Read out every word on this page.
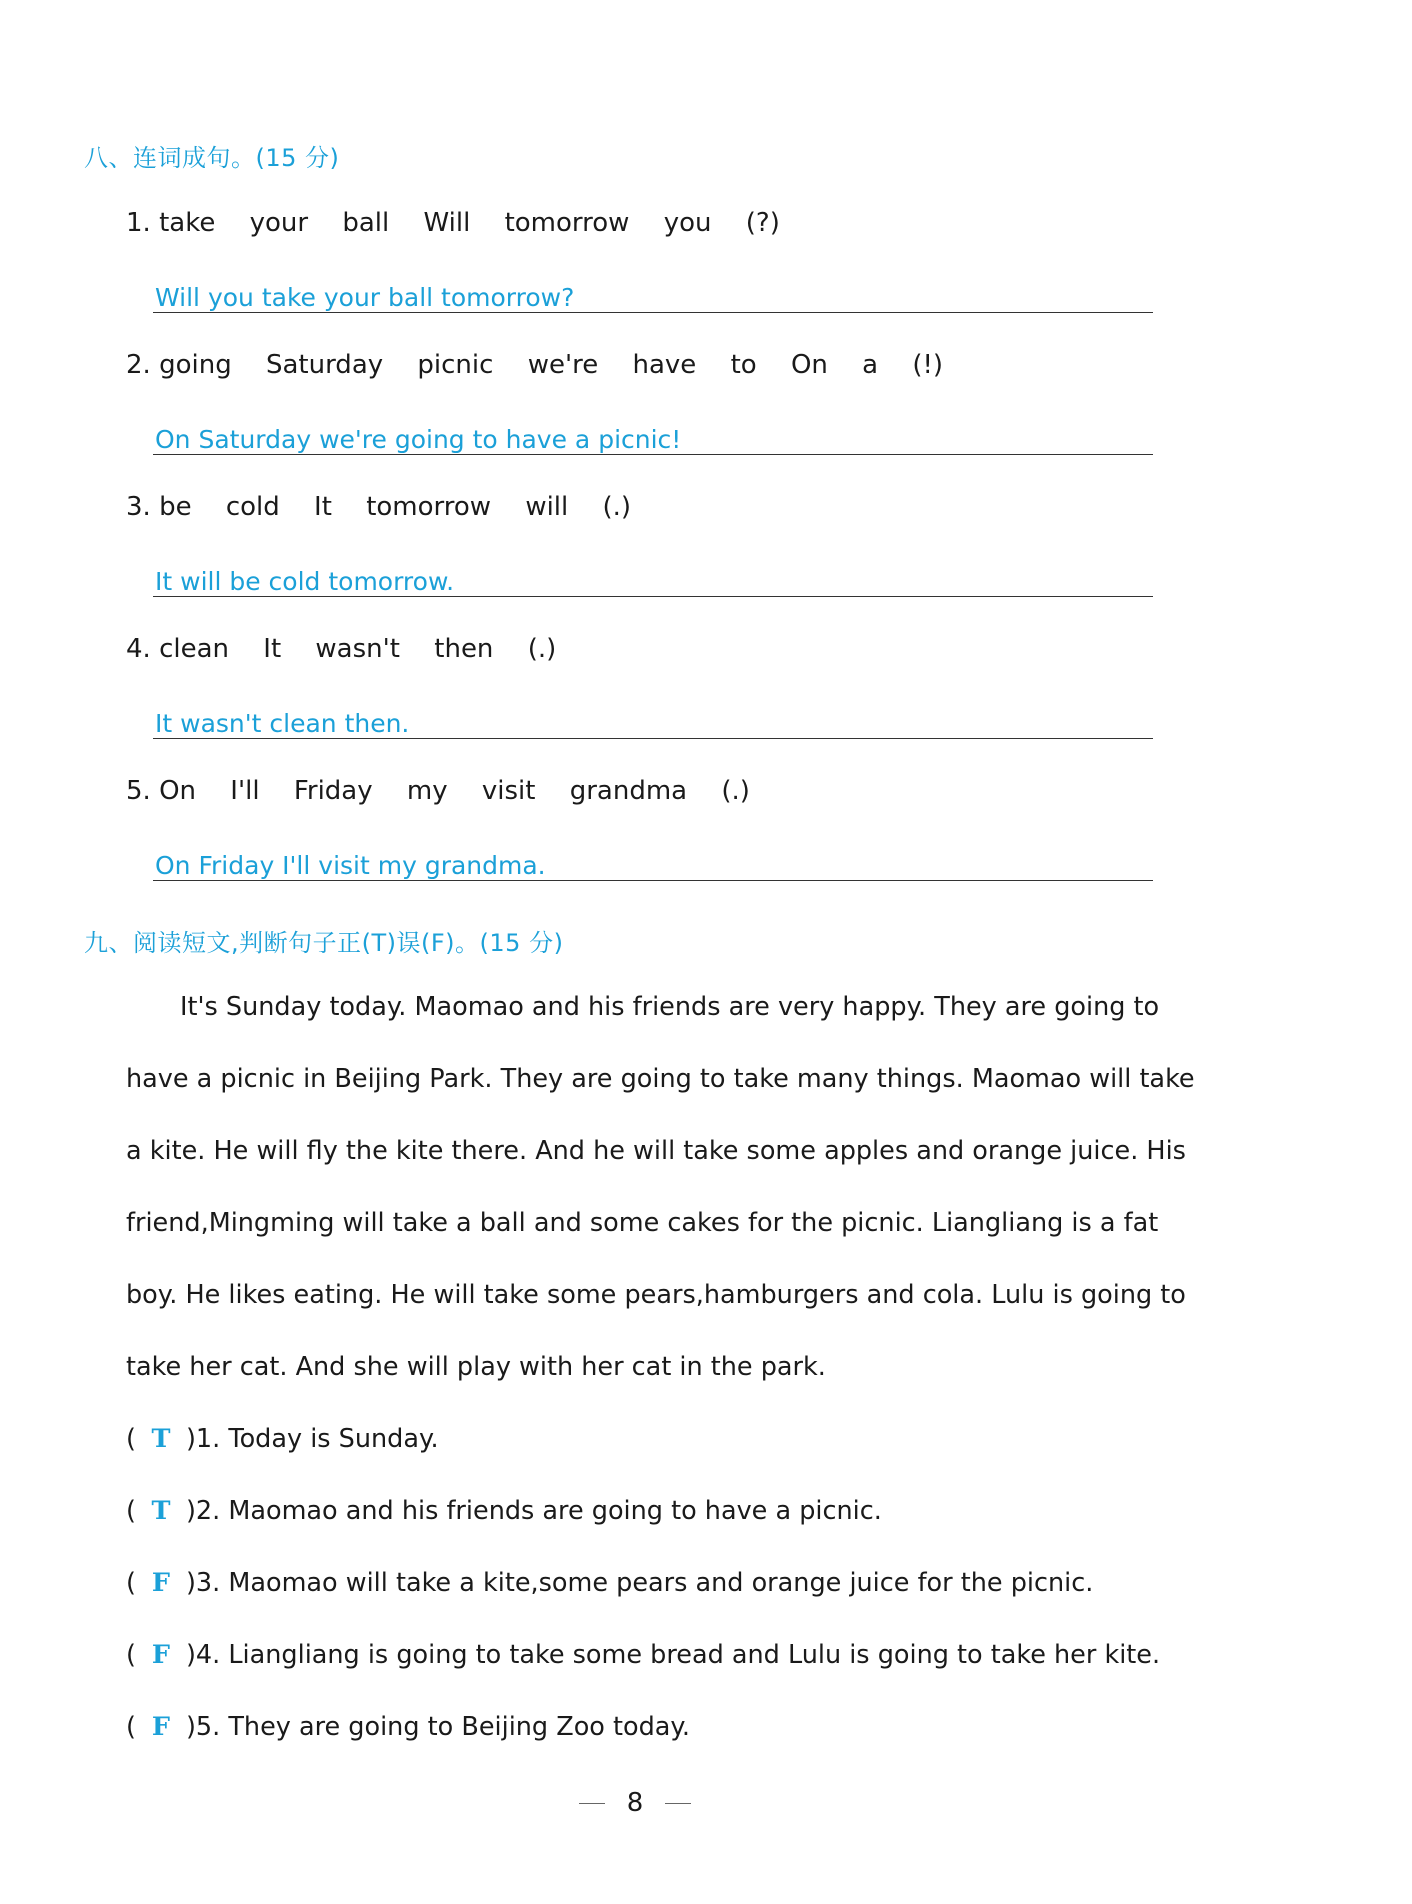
八、连词成句。(15 分)
1. take your ball Will tomorrow you (?)
Will you take your ball tomorrow?
2. going Saturday picnic we're have to On a (!)
On Saturday we're going to have a picnic!
3. be cold It tomorrow will (.)
It will be cold tomorrow.
4. clean It wasn't then (.)
It wasn't clean then.
5. On I'll Friday my visit grandma (.)
On Friday I'll visit my grandma.
九、阅读短文,判断句子正(T)误(F)。(15 分)
It's Sunday today. Maomao and his friends are very happy. They are going to
have a picnic in Beijing Park. They are going to take many things. Maomao will take
a kite. He will fly the kite there. And he will take some apples and orange juice. His
friend,Mingming will take a ball and some cakes for the picnic. Liangliang is a fat
boy. He likes eating. He will take some pears,hamburgers and cola. Lulu is going to
take her cat. And she will play with her cat in the park.
( T )1. Today is Sunday.
( T )2. Maomao and his friends are going to have a picnic.
( F )3. Maomao will take a kite,some pears and orange juice for the picnic.
( F )4. Liangliang is going to take some bread and Lulu is going to take her kite.
( F )5. They are going to Beijing Zoo today.
8
